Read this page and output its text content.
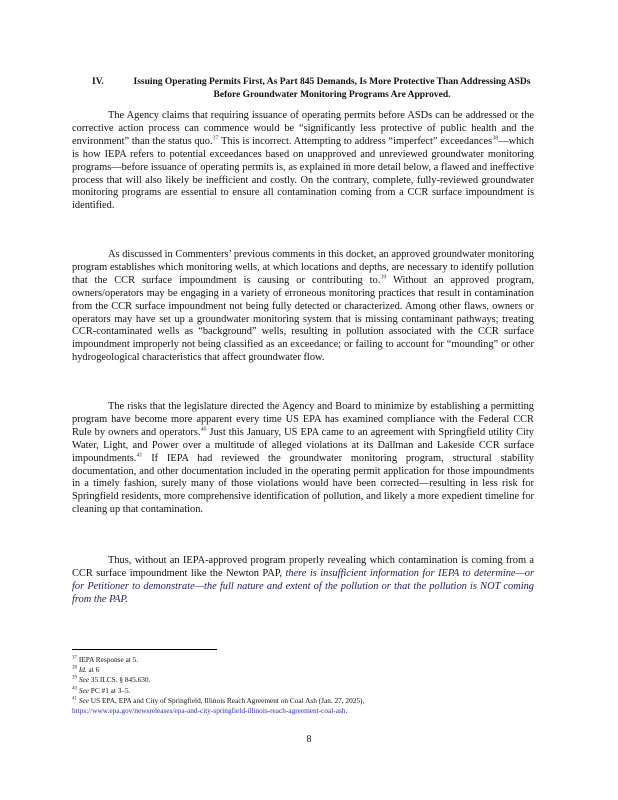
IV.	Issuing Operating Permits First, As Part 845 Demands, Is More Protective Than Addressing ASDs Before Groundwater Monitoring Programs Are Approved.

The Agency claims that requiring issuance of operating permits before ASDs can be addressed or the corrective action process can commence would be “significantly less protective of public health and the environment” than the status quo.$^{37}$ This is incorrect. Attempting to address “imperfect” exceedances$^{38}$—which is how IEPA refers to potential exceedances based on unapproved and unreviewed groundwater monitoring programs—before issuance of operating permits is, as explained in more detail below, a flawed and ineffective process that will also likely be inefficient and costly. On the contrary, complete, fully-reviewed groundwater monitoring programs are essential to ensure all contamination coming from a CCR surface impoundment is identified.

As discussed in Commenters’ previous comments in this docket, an approved groundwater monitoring program establishes which monitoring wells, at which locations and depths, are necessary to identify pollution that the CCR surface impoundment is causing or contributing to.$^{39}$ Without an approved program, owners/operators may be engaging in a variety of erroneous monitoring practices that result in contamination from the CCR surface impoundment not being fully detected or characterized. Among other flaws, owners or operators may have set up a groundwater monitoring system that is missing contaminant pathways; treating CCR-contaminated wells as “background” wells, resulting in pollution associated with the CCR surface impoundment improperly not being classified as an exceedance; or failing to account for “mounding” or other hydrogeological characteristics that affect groundwater flow.

The risks that the legislature directed the Agency and Board to minimize by establishing a permitting program have become more apparent every time US EPA has examined compliance with the Federal CCR Rule by owners and operators.$^{40}$ Just this January, US EPA came to an agreement with Springfield utility City Water, Light, and Power over a multitude of alleged violations at its Dallman and Lakeside CCR surface impoundments.$^{41}$ If IEPA had reviewed the groundwater monitoring program, structural stability documentation, and other documentation included in the operating permit application for those impoundments in a timely fashion, surely many of those violations would have been corrected—resulting in less risk for Springfield residents, more comprehensive identification of pollution, and likely a more expedient timeline for cleaning up that contamination.

Thus, without an IEPA-approved program properly revealing which contamination is coming from a CCR surface impoundment like the Newton PAP, there is insufficient information for IEPA to determine—or for Petitioner to demonstrate—the full nature and extent of the pollution or that the pollution is NOT coming from the PAP.

$^{37}$ IEPA Response at 5.
$^{38}$ Id. at 6
$^{39}$ See 35 ILCS. § 845.630.
$^{40}$ See PC #1 at 3–5.
$^{41}$ See US EPA, EPA and City of Springfield, Illinois Reach Agreement on Coal Ash (Jan. 27, 2025),
https://www.epa.gov/newsreleases/epa-and-city-springfield-illinois-reach-agreement-coal-ash.
8
